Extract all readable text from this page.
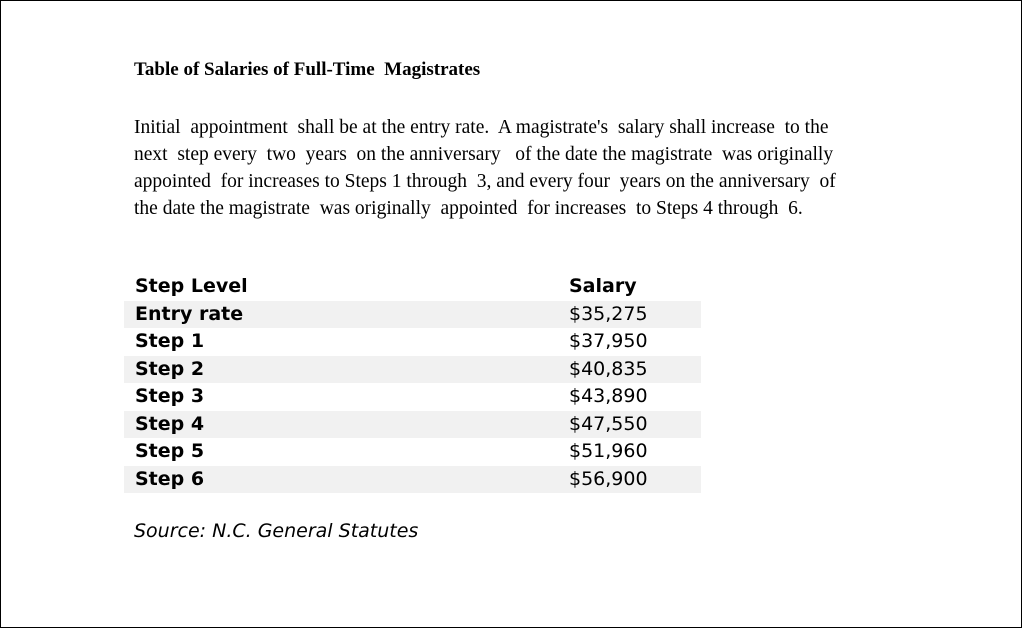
Table of Salaries of Full-Time  Magistrates
Initial  appointment  shall be at the entry rate.  A magistrate's  salary shall increase  to the
next  step every  two  years  on the anniversary   of the date the magistrate  was originally
appointed  for increases to Steps 1 through  3, and every four  years on the anniversary  of
the date the magistrate  was originally  appointed  for increases  to Steps 4 through  6.
Step Level	Salary
Entry rate	$35,275
Step 1	$37,950
Step 2	$40,835
Step 3	$43,890
Step 4	$47,550
Step 5	$51,960
Step 6	$56,900
Source: N.C. General Statutes
